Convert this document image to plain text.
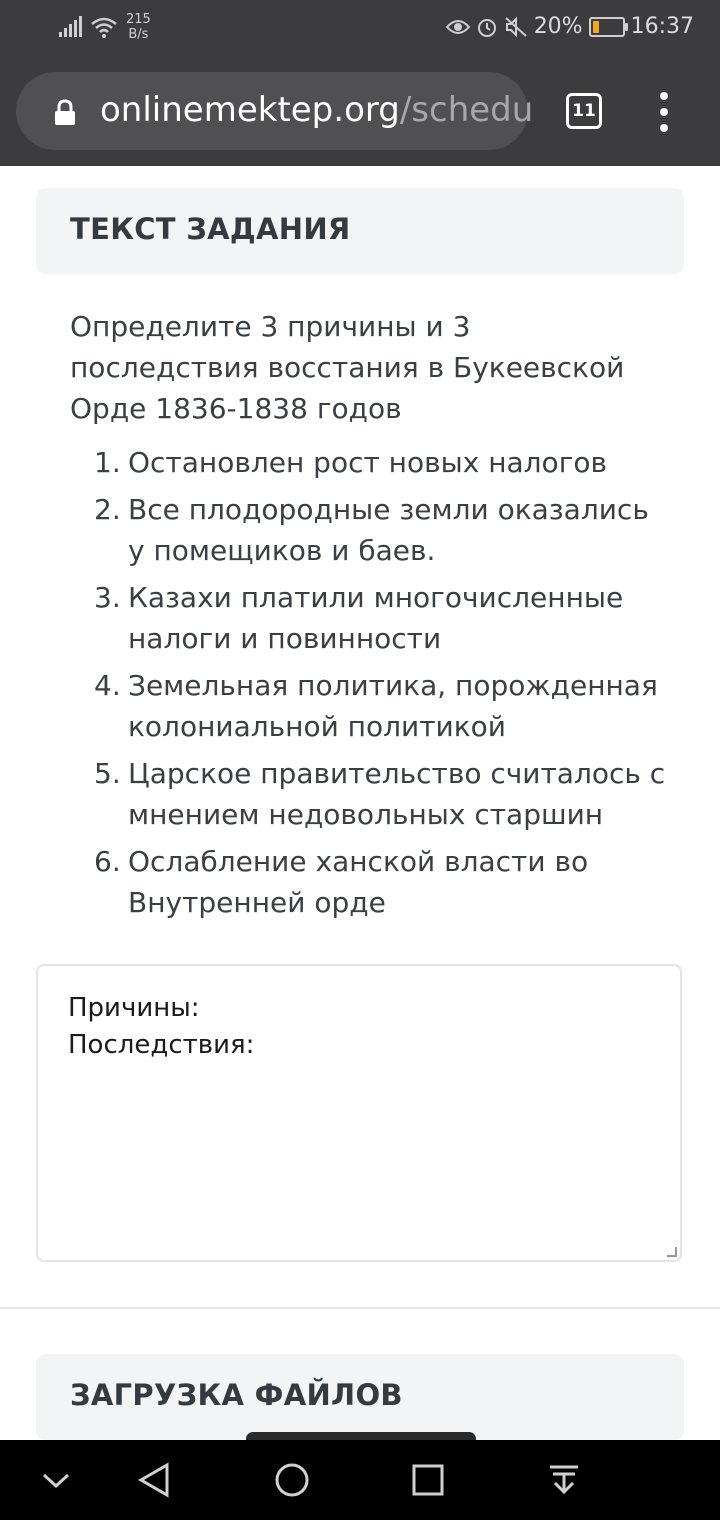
215
B/s	20% 16:37
onlinemektep.org/schedu	11
ТЕКСТ ЗАДАНИЯ
Определите 3 причины и 3 последствия восстания в Букеевской Орде 1836-1838 годов
1. Остановлен рост новых налогов
2. Все плодородные земли оказались у помещиков и баев.
3. Казахи платили многочисленные налоги и повинности
4. Земельная политика, порожденная колониальной политикой
5. Царское правительство считалось с мнением недовольных старшин
6. Ослабление ханской власти во Внутренней орде
Причины:
Последствия:
ЗАГРУЗКА ФАЙЛОВ
